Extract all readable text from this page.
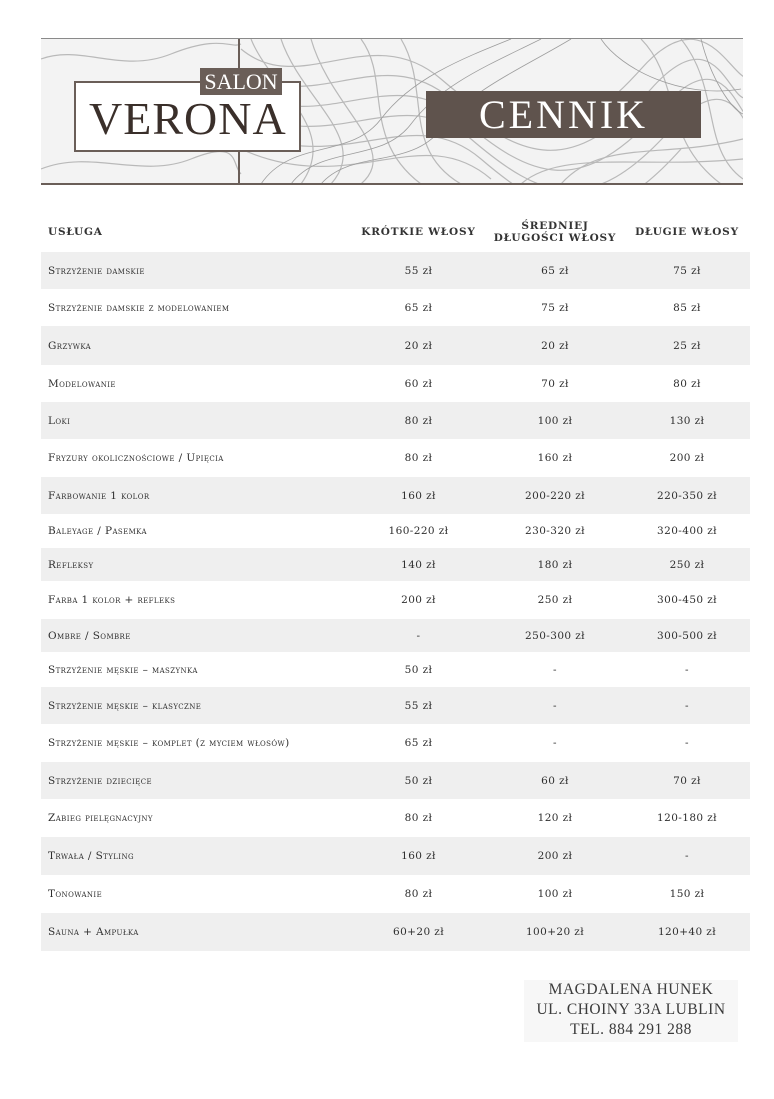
SALON
VERONA	CENNIK
USŁUGA	KRÓTKIE WŁOSY	ŚREDNIEJ DŁUGOŚCI WŁOSY	DŁUGIE WŁOSY
Strzyżenie damskie	55 zł	65 zł	75 zł
Strzyżenie damskie z modelowaniem	65 zł	75 zł	85 zł
Grzywka	20 zł	20 zł	25 zł
Modelowanie	60 zł	70 zł	80 zł
Loki	80 zł	100 zł	130 zł
Fryzury okolicznościowe / Upięcia	80 zł	160 zł	200 zł
Farbowanie 1 kolor	160 zł	200-220 zł	220-350 zł
Baleyage / Pasemka	160-220 zł	230-320 zł	320-400 zł
Refleksy	140 zł	180 zł	250 zł
Farba 1 kolor + refleks	200 zł	250 zł	300-450 zł
Ombre / Sombre	-	250-300 zł	300-500 zł
Strzyżenie męskie – maszynka	50 zł	-	-
Strzyżenie męskie – klasyczne	55 zł	-	-
Strzyżenie męskie – komplet (z myciem włosów)	65 zł	-	-
Strzyżenie dziecięce	50 zł	60 zł	70 zł
Zabieg pielęgnacyjny	80 zł	120 zł	120-180 zł
Trwała / Styling	160 zł	200 zł	-
Tonowanie	80 zł	100 zł	150 zł
Sauna + Ampułka	60+20 zł	100+20 zł	120+40 zł
MAGDALENA HUNEK
UL. CHOINY 33A LUBLIN
TEL. 884 291 288
